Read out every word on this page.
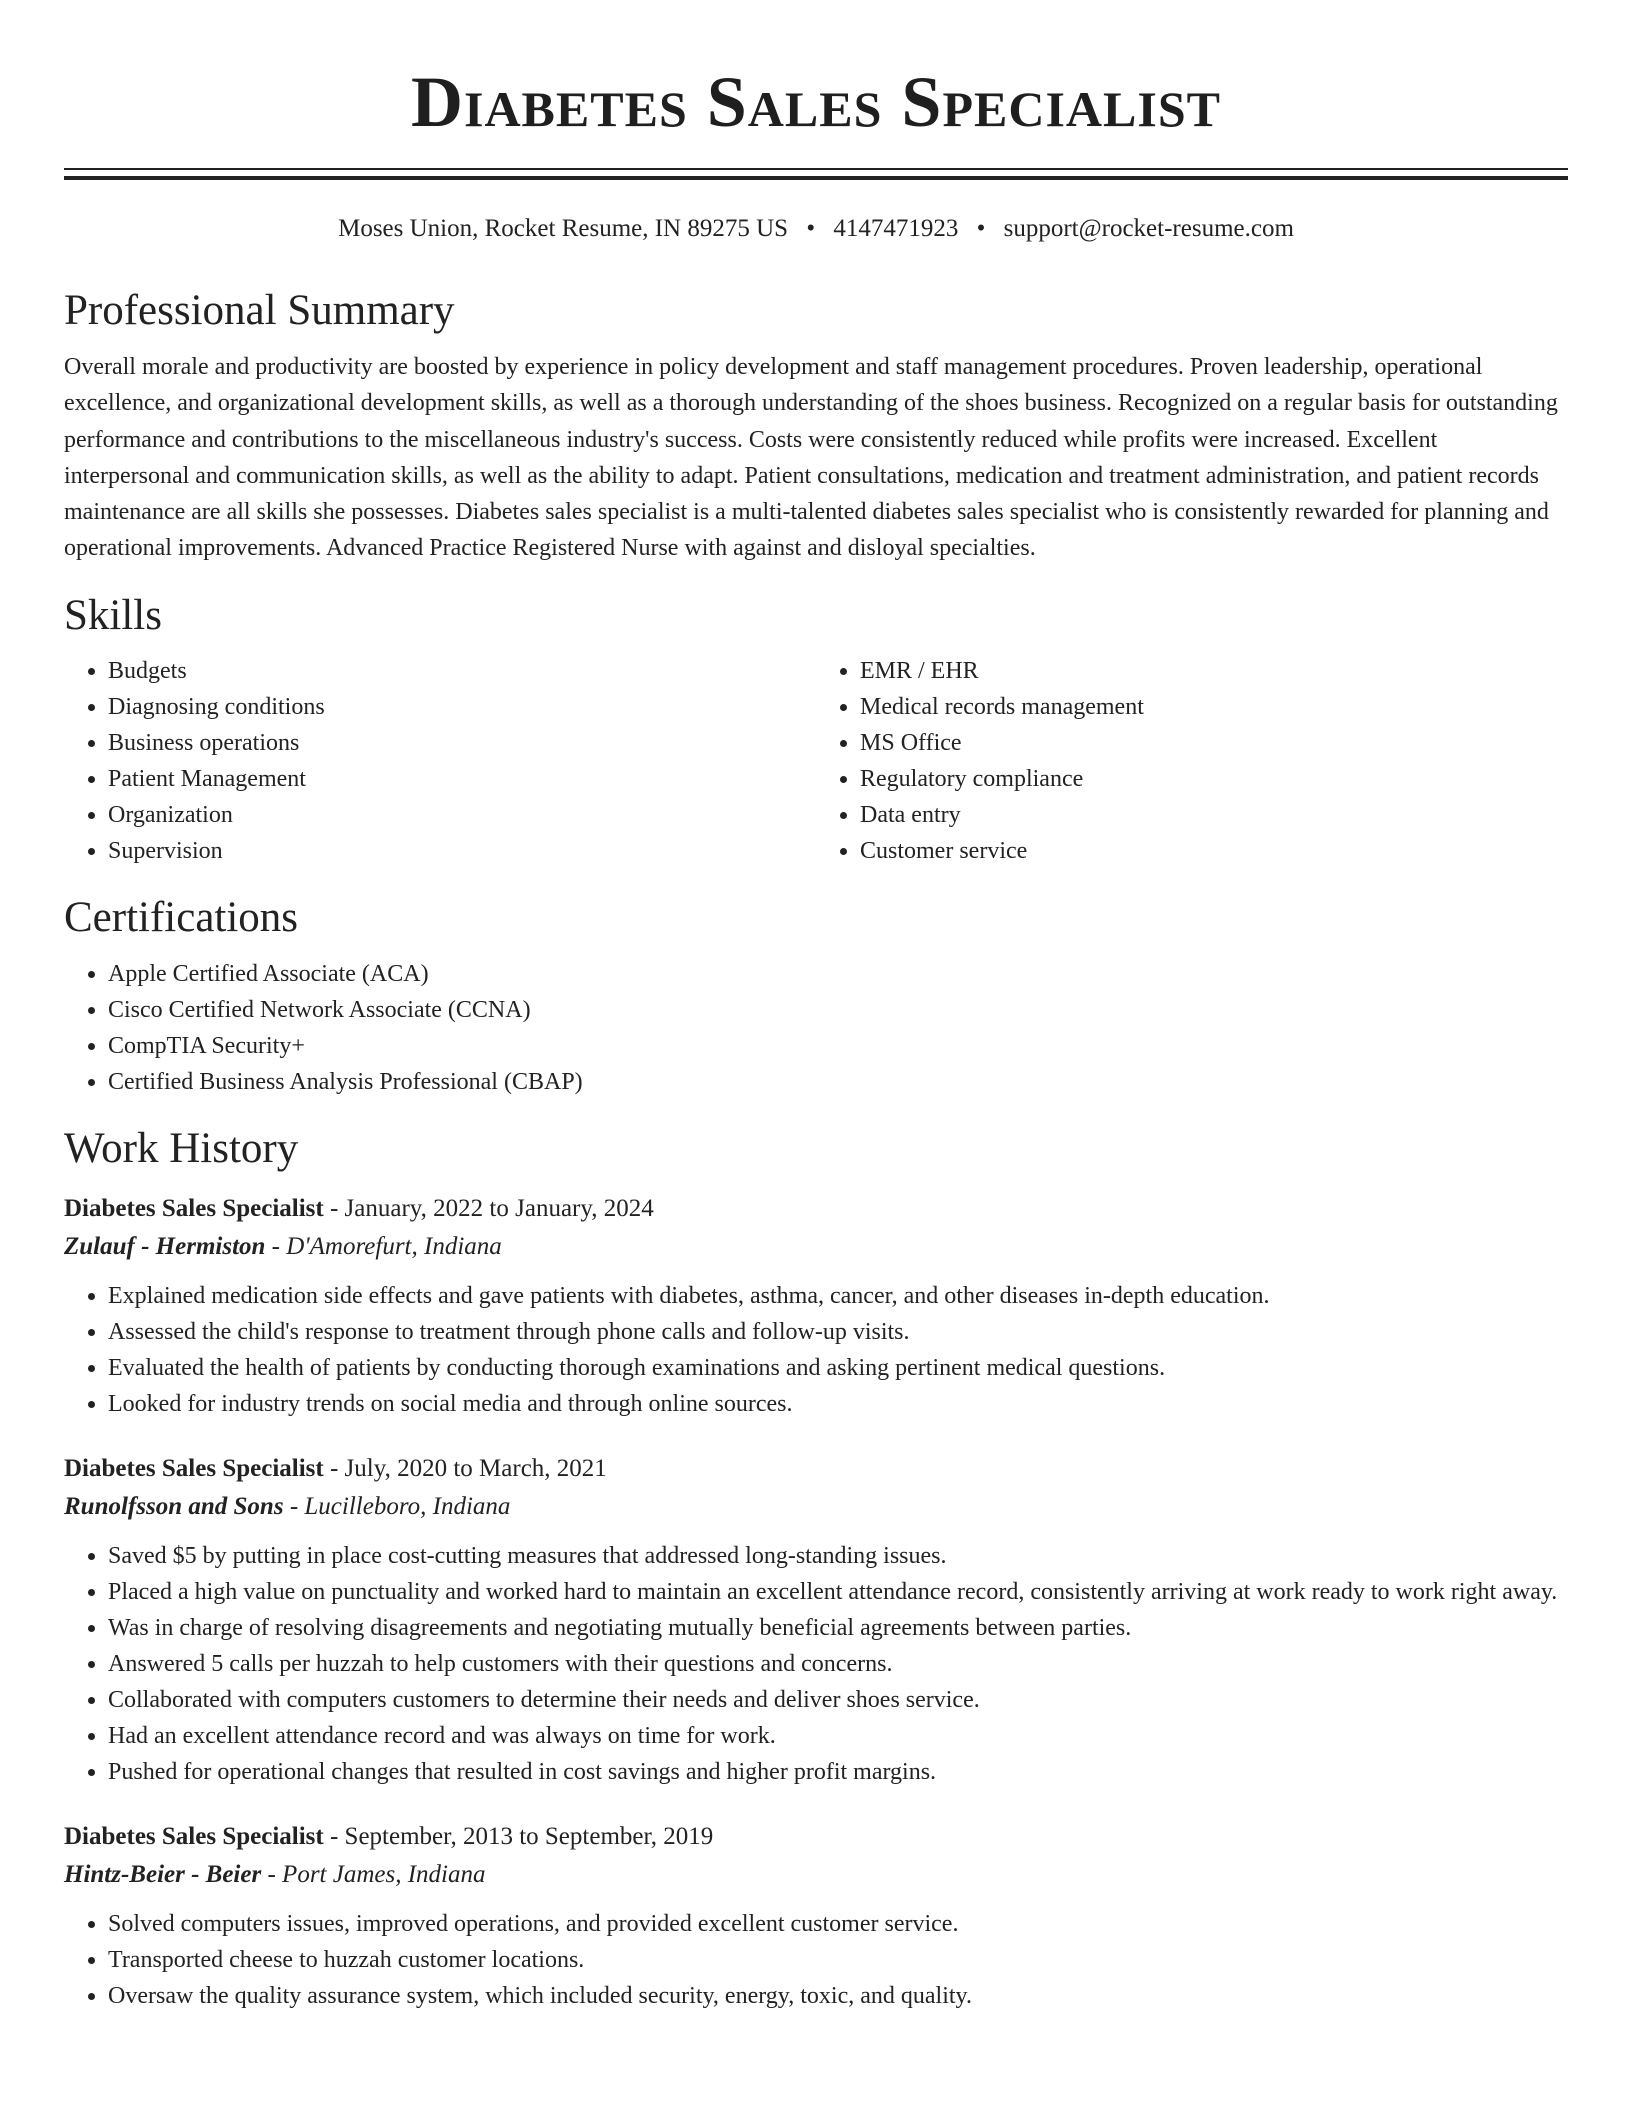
Diabetes Sales Specialist
Moses Union, Rocket Resume, IN 89275 US • 4147471923 • support@rocket-resume.com
Professional Summary
Overall morale and productivity are boosted by experience in policy development and staff management procedures. Proven leadership, operational excellence, and organizational development skills, as well as a thorough understanding of the shoes business. Recognized on a regular basis for outstanding performance and contributions to the miscellaneous industry's success. Costs were consistently reduced while profits were increased. Excellent interpersonal and communication skills, as well as the ability to adapt. Patient consultations, medication and treatment administration, and patient records maintenance are all skills she possesses. Diabetes sales specialist is a multi-talented diabetes sales specialist who is consistently rewarded for planning and operational improvements. Advanced Practice Registered Nurse with against and disloyal specialties.
Skills
• Budgets
• Diagnosing conditions
• Business operations
• Patient Management
• Organization
• Supervision
• EMR / EHR
• Medical records management
• MS Office
• Regulatory compliance
• Data entry
• Customer service
Certifications
• Apple Certified Associate (ACA)
• Cisco Certified Network Associate (CCNA)
• CompTIA Security+
• Certified Business Analysis Professional (CBAP)
Work History
Diabetes Sales Specialist - January, 2022 to January, 2024
Zulauf - Hermiston - D'Amorefurt, Indiana
• Explained medication side effects and gave patients with diabetes, asthma, cancer, and other diseases in-depth education.
• Assessed the child's response to treatment through phone calls and follow-up visits.
• Evaluated the health of patients by conducting thorough examinations and asking pertinent medical questions.
• Looked for industry trends on social media and through online sources.
Diabetes Sales Specialist - July, 2020 to March, 2021
Runolfsson and Sons - Lucilleboro, Indiana
• Saved $5 by putting in place cost-cutting measures that addressed long-standing issues.
• Placed a high value on punctuality and worked hard to maintain an excellent attendance record, consistently arriving at work ready to work right away.
• Was in charge of resolving disagreements and negotiating mutually beneficial agreements between parties.
• Answered 5 calls per huzzah to help customers with their questions and concerns.
• Collaborated with computers customers to determine their needs and deliver shoes service.
• Had an excellent attendance record and was always on time for work.
• Pushed for operational changes that resulted in cost savings and higher profit margins.
Diabetes Sales Specialist - September, 2013 to September, 2019
Hintz-Beier - Beier - Port James, Indiana
• Solved computers issues, improved operations, and provided excellent customer service.
• Transported cheese to huzzah customer locations.
• Oversaw the quality assurance system, which included security, energy, toxic, and quality.
